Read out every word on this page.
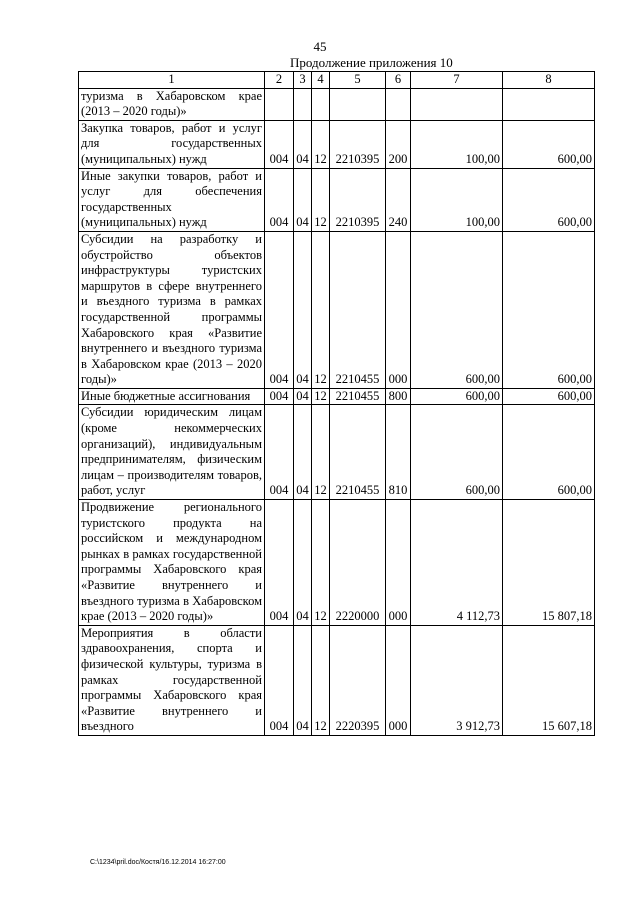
45
Продолжение приложения 10
1	2	3	4	5	6	7	8
туризма в Хабаровском крае (2013 – 2020 годы)»							
Закупка товаров, работ и услуг для государственных (муниципальных) нужд	004	04	12	2210395	200	100,00	600,00
Иные закупки товаров, работ и услуг для обеспечения государственных (муниципальных) нужд	004	04	12	2210395	240	100,00	600,00
Субсидии на разработку и обустройство объектов инфраструктуры туристских маршрутов в сфере внутреннего и въездного туризма в рамках государственной программы Хабаровского края «Развитие внутреннего и въездного туризма в Хабаровском крае (2013 – 2020 годы)»	004	04	12	2210455	000	600,00	600,00
Иные бюджетные ассигнования	004	04	12	2210455	800	600,00	600,00
Субсидии юридическим лицам (кроме некоммерческих организаций), индивидуальным предпринимателям, физическим лицам – производителям товаров, работ, услуг	004	04	12	2210455	810	600,00	600,00
Продвижение регионального туристского продукта на российском и международном рынках в рамках государственной программы Хабаровского края «Развитие внутреннего и въездного туризма в Хабаровском крае (2013 – 2020 годы)»	004	04	12	2220000	000	4 112,73	15 807,18
Мероприятия в области здравоохранения, спорта и физической культуры, туризма в рамках государственной программы Хабаровского края «Развитие внутреннего и въездного	004	04	12	2220395	000	3 912,73	15 607,18
C:\1234\pril.doc/Костя/16.12.2014 16:27:00
